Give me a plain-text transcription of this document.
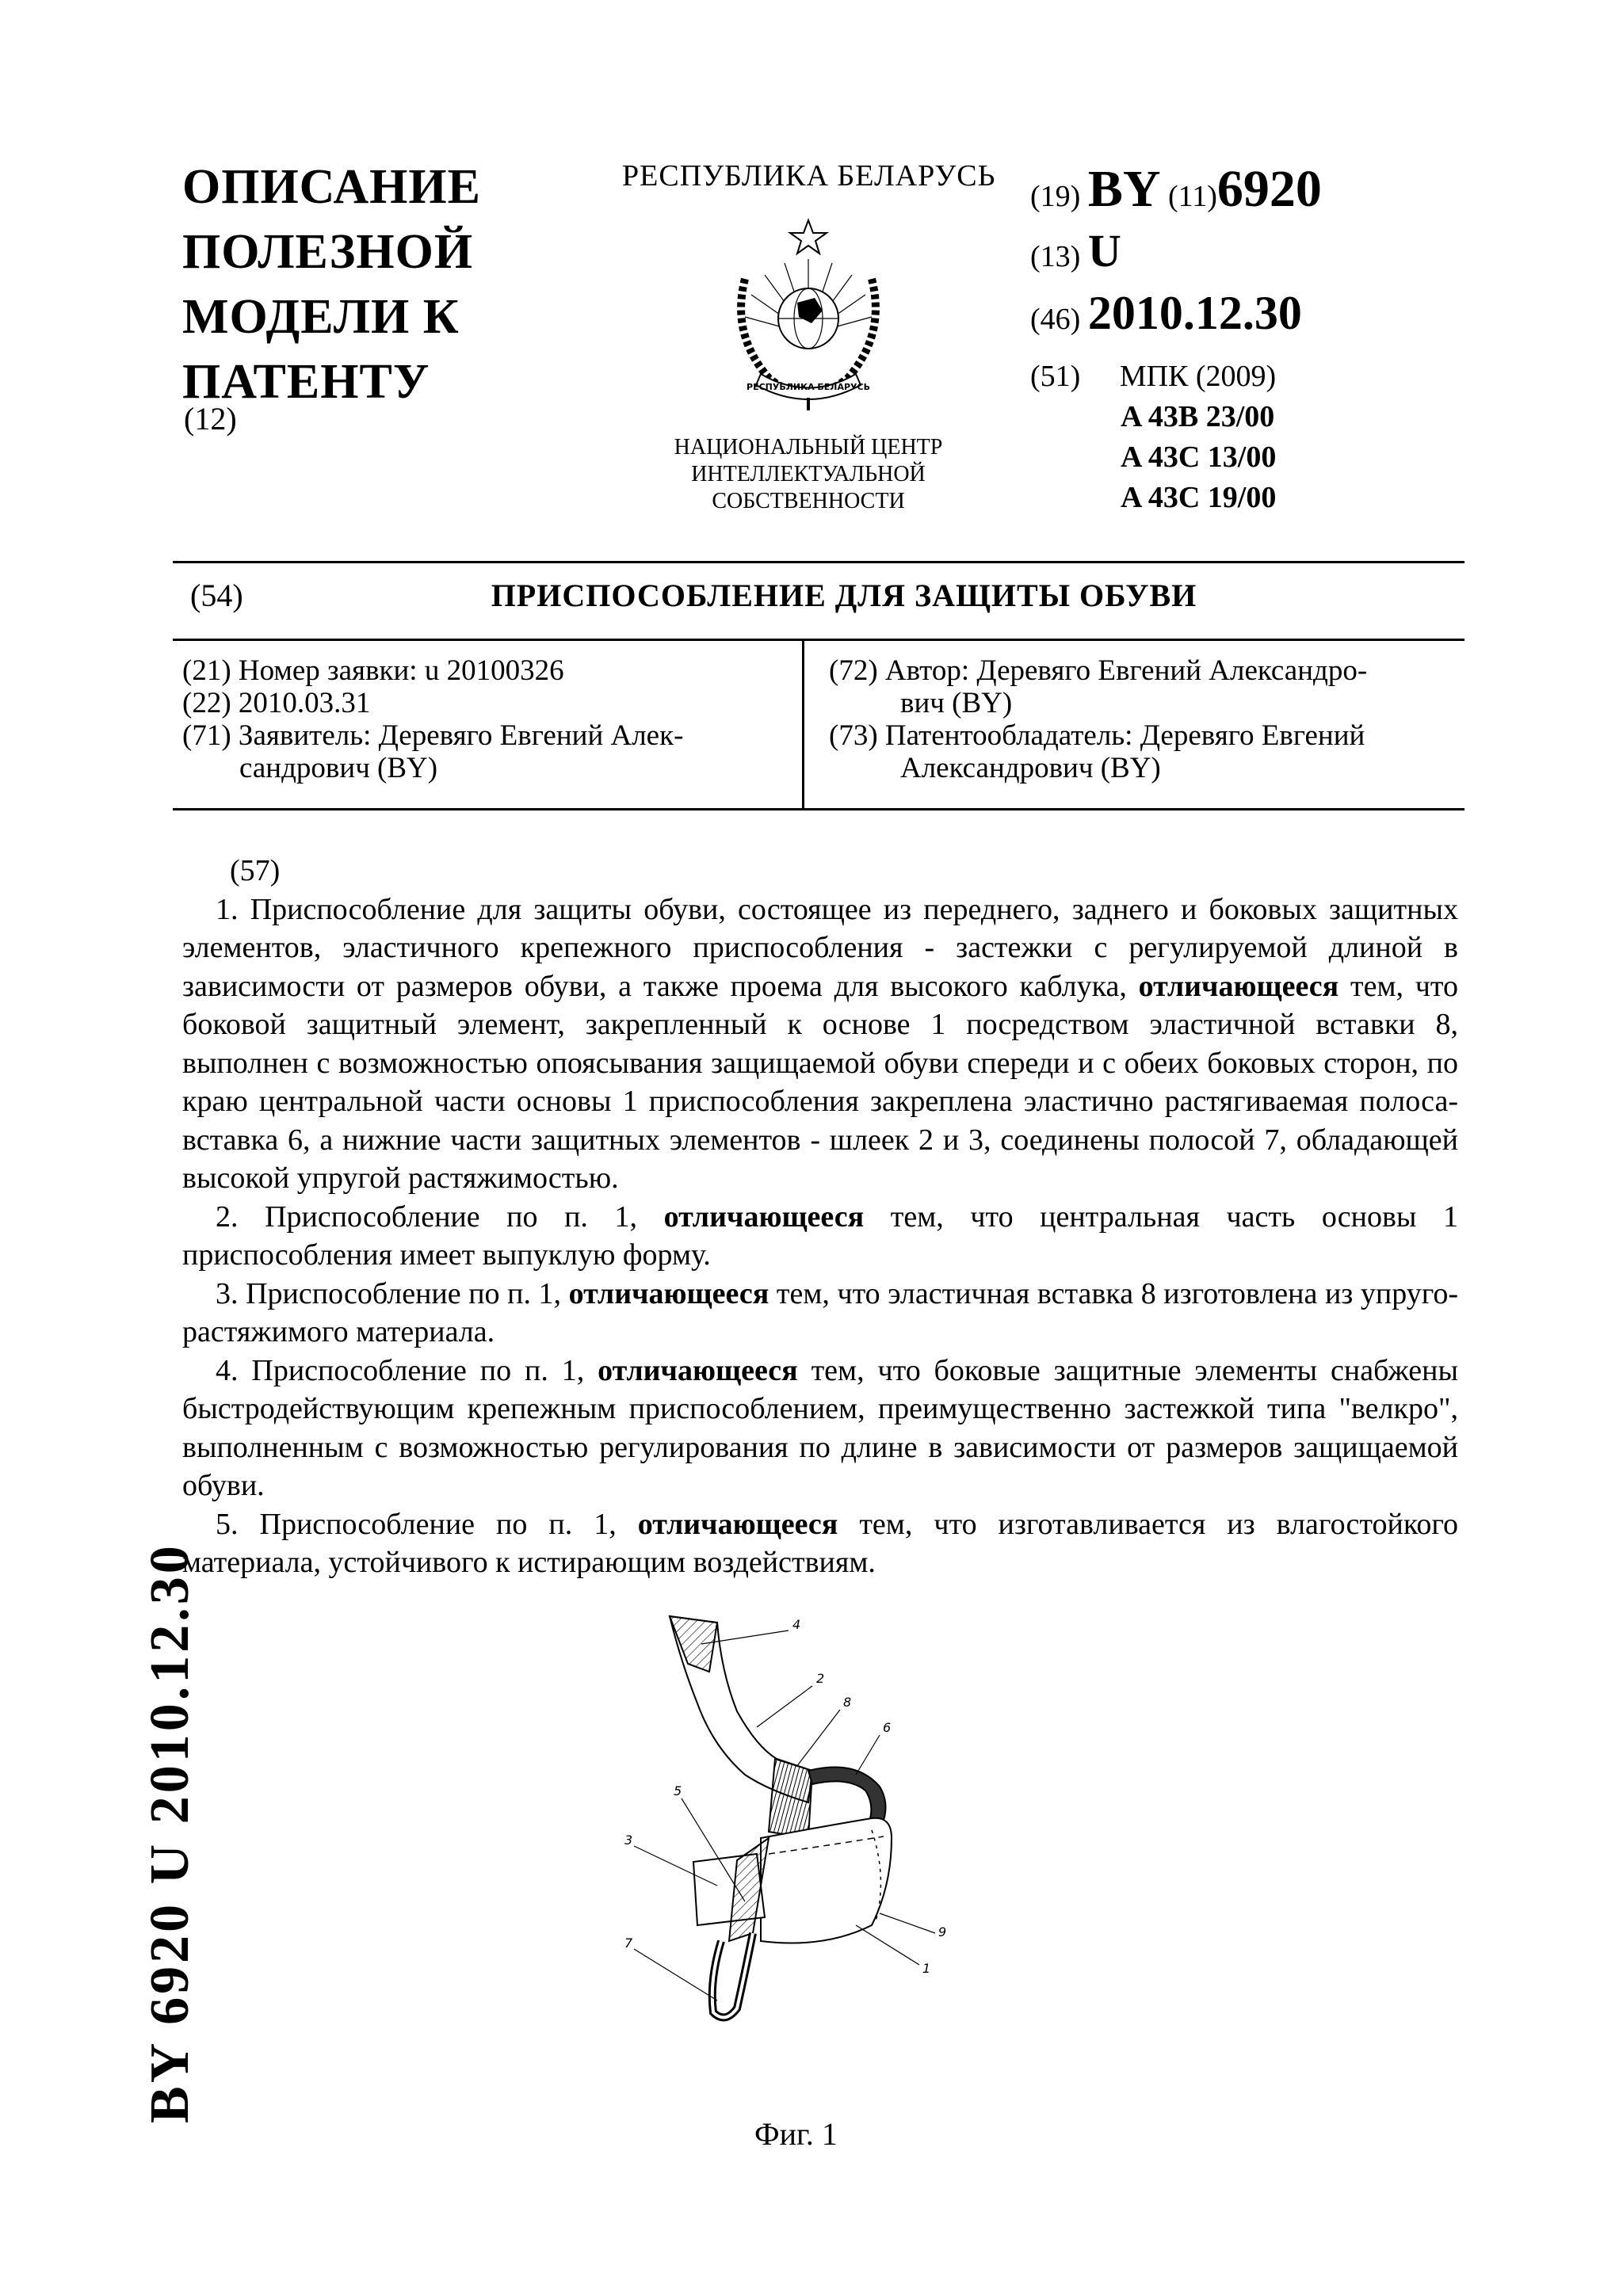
ОПИСАНИЕ
ПОЛЕЗНОЙ
МОДЕЛИ К
ПАТЕНТУ
(12)
РЕСПУБЛИКА БЕЛАРУСЬ
РЕСПУБЛИКА БЕЛАРУСЬ
НАЦИОНАЛЬНЫЙ ЦЕНТР
ИНТЕЛЛЕКТУАЛЬНОЙ
СОБСТВЕННОСТИ
(19) BY (11)6920
(13) U
(46) 2010.12.30
(51) МПК (2009)
A 43B 23/00
A 43C 13/00
A 43C 19/00
(54)	ПРИСПОСОБЛЕНИЕ ДЛЯ ЗАЩИТЫ ОБУВИ
(21)
Номер заявки: u 20100326
(22)
2010.03.31
(71)
Заявитель: Деревяго Евгений Алек-
сандрович (BY)
(72)
Автор: Деревяго Евгений Александро-
вич (BY)
(73)
Патентообладатель: Деревяго Евгений
Александрович (BY)

(57)

1. Приспособление для защиты обуви, состоящее из переднего, заднего и боковых защитных элементов, эластичного крепежного приспособления - застежки с регулируемой длиной в зависимости от размеров обуви, а также проема для высокого каблука, отличающееся тем, что боковой защитный элемент, закрепленный к основе 1 посредством эластичной вставки 8, выполнен с возможностью опоясывания защищаемой обуви спереди и с обеих боковых сторон, по краю центральной части основы 1 приспособления закреплена эластично растягиваемая полоса-вставка 6, а нижние части защитных элементов - шлеек 2 и 3, соединены полосой 7, обладающей высокой упругой растяжимостью.

2. Приспособление по п. 1, отличающееся тем, что центральная часть основы 1 приспособления имеет выпуклую форму.

3. Приспособление по п. 1, отличающееся тем, что эластичная вставка 8 изготовлена из упруго-растяжимого материала.

4. Приспособление по п. 1, отличающееся тем, что боковые защитные элементы снабжены быстродействующим крепежным приспособлением, преимущественно застежкой типа "велкро", выполненным с возможностью регулирования по длине в зависимости от размеров защищаемой обуви.

5. Приспособление по п. 1, отличающееся тем, что изготавливается из влагостойкого материала, устойчивого к истирающим воздействиям.

4
2
8
6
5
3
7
9
1
Фиг. 1
BY 6920 U 2010.12.30
